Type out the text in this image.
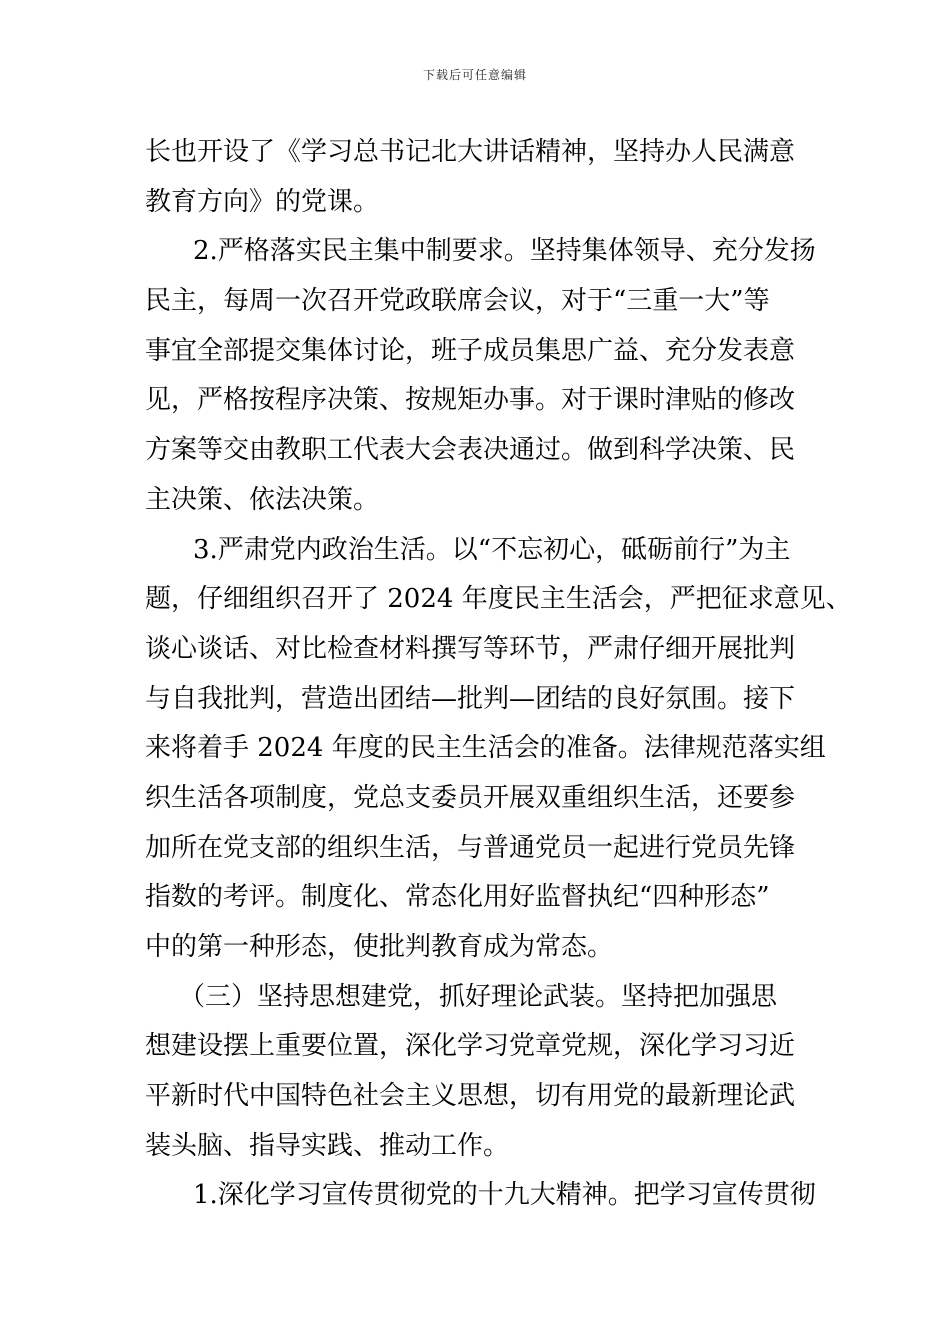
下载后可任意编辑
长也开设了《学习总书记北大讲话精神，坚持办人民满意
教育方向》的党课。
2.严格落实民主集中制要求。坚持集体领导、充分发扬
民主，每周一次召开党政联席会议，对于“三重一大”等
事宜全部提交集体讨论，班子成员集思广益、充分发表意
见，严格按程序决策、按规矩办事。对于课时津贴的修改
方案等交由教职工代表大会表决通过。做到科学决策、民
主决策、依法决策。
3.严肃党内政治生活。以“不忘初心，砥砺前行”为主
题，仔细组织召开了 2024 年度民主生活会，严把征求意见、
谈心谈话、对比检查材料撰写等环节，严肃仔细开展批判
与自我批判，营造出团结—批判—团结的良好氛围。接下
来将着手 2024 年度的民主生活会的准备。法律规范落实组
织生活各项制度，党总支委员开展双重组织生活，还要参
加所在党支部的组织生活，与普通党员一起进行党员先锋
指数的考评。制度化、常态化用好监督执纪“四种形态”
中的第一种形态，使批判教育成为常态。
（三）坚持思想建党，抓好理论武装。坚持把加强思
想建设摆上重要位置，深化学习党章党规，深化学习习近
平新时代中国特色社会主义思想，切有用党的最新理论武
装头脑、指导实践、推动工作。
1.深化学习宣传贯彻党的十九大精神。把学习宣传贯彻
